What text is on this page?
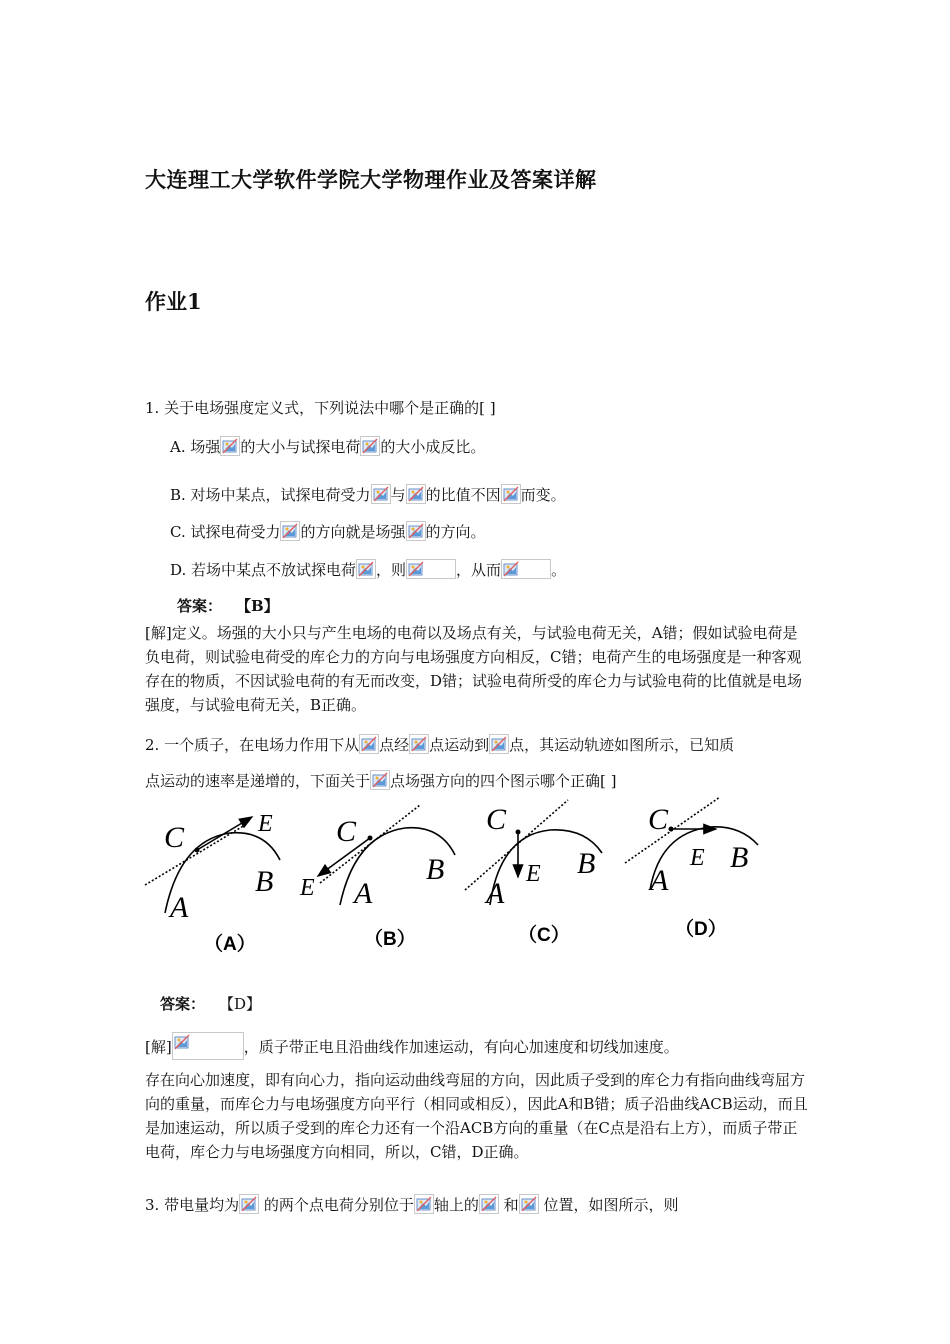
大连理工大学软件学院大学物理作业及答案详解
作业1
1. 关于电场强度定义式，下列说法中哪个是正确的[ ]
A. 场强 的大小与试探电荷 的大小成反比。
B. 对场中某点，试探电荷受力 与 的比值不因 而变。
C. 试探电荷受力 的方向就是场强 的方向。
D. 若场中某点不放试探电荷 ，则	，从而	。
答案： 【B】
[解]定义。场强的大小只与产生电场的电荷以及场点有关，与试验电荷无关，A错；假如试验电荷是负电荷，则试验电荷受的库仑力的方向与电场强度方向相反，C错；电荷产生的电场强度是一种客观存在的物质，不因试验电荷的有无而改变，D错；试验电荷所受的库仑力与试验电荷的比值就是电场强度，与试验电荷无关，B正确。
2. 一个质子，在电场力作用下从 点经 点运动到 点，其运动轨迹如图所示，已知质
点运动的速率是递增的，下面关于 点场强方向的四个图示哪个正确[ ]
C
A
B
E
（A）
C
A
B
E
（B）
C
A
B
E
（C）
C
A
B
E
（D）
答案： 【D】
[解]	，质子带正电且沿曲线作加速运动，有向心加速度和切线加速度。
存在向心加速度，即有向心力，指向运动曲线弯屈的方向，因此质子受到的库仑力有指向曲线弯屈方向的重量，而库仑力与电场强度方向平行（相同或相反），因此A和B错；质子沿曲线ACB运动，而且是加速运动，所以质子受到的库仑力还有一个沿ACB方向的重量（在C点是沿右上方），而质子带正电荷，库仑力与电场强度方向相同，所以，C错，D正确。
3. 带电量均为
的两个点电荷分别位于 轴上的
和
位置，如图所示，则
